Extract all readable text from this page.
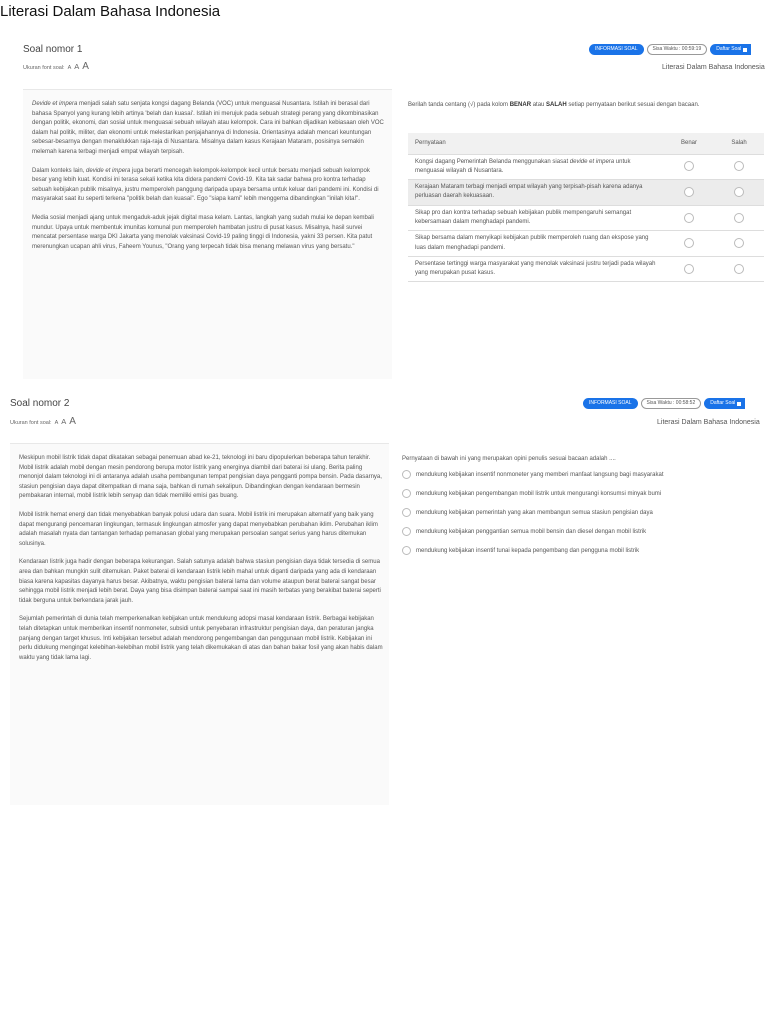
Literasi Dalam Bahasa Indonesia
Soal nomor 1
Ukuran font soal: A A A
INFORMASI SOAL	Sisa Waktu : 00:59:19	Daftar Soal
Literasi Dalam Bahasa Indonesia

Devide et impera menjadi salah satu senjata kongsi dagang Belanda (VOC) untuk menguasai Nusantara. Istilah ini berasal dari bahasa Spanyol yang kurang lebih artinya 'belah dan kuasai'. Istilah ini merujuk pada sebuah strategi perang yang dikombinasikan dengan politik, ekonomi, dan sosial untuk menguasai sebuah wilayah atau kelompok. Cara ini bahkan dijadikan kebiasaan oleh VOC dalam hal politik, militer, dan ekonomi untuk melestarikan penjajahannya di Indonesia. Orientasinya adalah mencari keuntungan sebesar-besarnya dengan menaklukkan raja-raja di Nusantara. Misalnya dalam kasus Kerajaan Mataram, posisinya semakin melemah karena terbagi menjadi empat wilayah terpisah.

Dalam konteks lain, devide et impera juga berarti mencegah kelompok-kelompok kecil untuk bersatu menjadi sebuah kelompok besar yang lebih kuat. Kondisi ini terasa sekali ketika kita didera pandemi Covid-19. Kita tak sadar bahwa pro kontra terhadap sebuah kebijakan publik misalnya, justru memperoleh panggung daripada upaya bersama untuk keluar dari pandemi ini. Kondisi di masyarakat saat itu seperti terkena "politik belah dan kuasai". Ego "siapa kami" lebih menggema dibandingkan "inilah kita!".

Media sosial menjadi ajang untuk mengaduk-aduk jejak digital masa kelam. Lantas, langkah yang sudah mulai ke depan kembali mundur. Upaya untuk membentuk imunitas komunal pun memperoleh hambatan justru di pusat kasus. Misalnya, hasil survei mencatat persentase warga DKI Jakarta yang menolak vaksinasi Covid-19 paling tinggi di Indonesia, yakni 33 persen. Kita patut merenungkan ucapan ahli virus, Faheem Younus, "Orang yang terpecah tidak bisa menang melawan virus yang bersatu."

Berilah tanda centang (√) pada kolom BENAR atau SALAH setiap pernyataan berikut sesuai dengan bacaan.
Pernyataan	Benar	Salah
Kongsi dagang Pemerintah Belanda menggunakan siasat devide et impera untuk menguasai wilayah di Nusantara.		
Kerajaan Mataram terbagi menjadi empat wilayah yang terpisah-pisah karena adanya perluasan daerah kekuasaan.		
Sikap pro dan kontra terhadap sebuah kebijakan publik mempengaruhi semangat kebersamaan dalam menghadapi pandemi.		
Sikap bersama dalam menyikapi kebijakan publik memperoleh ruang dan ekspose yang luas dalam menghadapi pandemi.		
Persentase tertinggi warga masyarakat yang menolak vaksinasi justru terjadi pada wilayah yang merupakan pusat kasus.		
Soal nomor 2
Ukuran font soal: A A A
INFORMASI SOAL	Sisa Waktu : 00:58:52	Daftar Soal
Literasi Dalam Bahasa Indonesia

Meskipun mobil listrik tidak dapat dikatakan sebagai penemuan abad ke-21, teknologi ini baru dipopulerkan beberapa tahun terakhir. Mobil listrik adalah mobil dengan mesin pendorong berupa motor listrik yang energinya diambil dari baterai isi ulang. Berita paling menonjol dalam teknologi ini di antaranya adalah usaha pembangunan tempat pengisian daya pengganti pompa bensin. Pada dasarnya, stasiun pengisian daya dapat ditempatkan di mana saja, bahkan di rumah sekalipun. Dibandingkan dengan kendaraan bermesin pembakaran internal, mobil listrik lebih senyap dan tidak memiliki emisi gas buang.

Mobil listrik hemat energi dan tidak menyebabkan banyak polusi udara dan suara. Mobil listrik ini merupakan alternatif yang baik yang dapat mengurangi pencemaran lingkungan, termasuk lingkungan atmosfer yang dapat menyebabkan perubahan iklim. Perubahan iklim adalah masalah nyata dan tantangan terhadap pemanasan global yang merupakan persoalan sangat serius yang harus ditemukan solusinya.

Kendaraan listrik juga hadir dengan beberapa kekurangan. Salah satunya adalah bahwa stasiun pengisian daya tidak tersedia di semua area dan bahkan mungkin sulit ditemukan. Paket baterai di kendaraan listrik lebih mahal untuk diganti daripada yang ada di kendaraan biasa karena kapasitas dayanya harus besar. Akibatnya, waktu pengisian baterai lama dan volume ataupun berat baterai sangat besar sehingga mobil listrik menjadi lebih berat. Daya yang bisa disimpan baterai sampai saat ini masih terbatas yang berakibat baterai seperti tidak berguna untuk berkendara jarak jauh.

Sejumlah pemerintah di dunia telah memperkenalkan kebijakan untuk mendukung adopsi masal kendaraan listrik. Berbagai kebijakan telah ditetapkan untuk memberikan insentif nonmoneter, subsidi untuk penyebaran infrastruktur pengisian daya, dan peraturan jangka panjang dengan target khusus. Inti kebijakan tersebut adalah mendorong pengembangan dan penggunaan mobil listrik. Kebijakan ini perlu didukung mengingat kelebihan-kelebihan mobil listrik yang telah dikemukakan di atas dan bahan bakar fosil yang akan habis dalam waktu yang tidak lama lagi.

Pernyataan di bawah ini yang merupakan opini penulis sesuai bacaan adalah ....
mendukung kebijakan insentif nonmoneter yang memberi manfaat langsung bagi masyarakat
mendukung kebijakan pengembangan mobil listrik untuk mengurangi konsumsi minyak bumi
mendukung kebijakan pemerintah yang akan membangun semua stasiun pengisian daya
mendukung kebijakan penggantian semua mobil bensin dan diesel dengan mobil listrik
mendukung kebijakan insentif tunai kepada pengembang dan pengguna mobil listrik
